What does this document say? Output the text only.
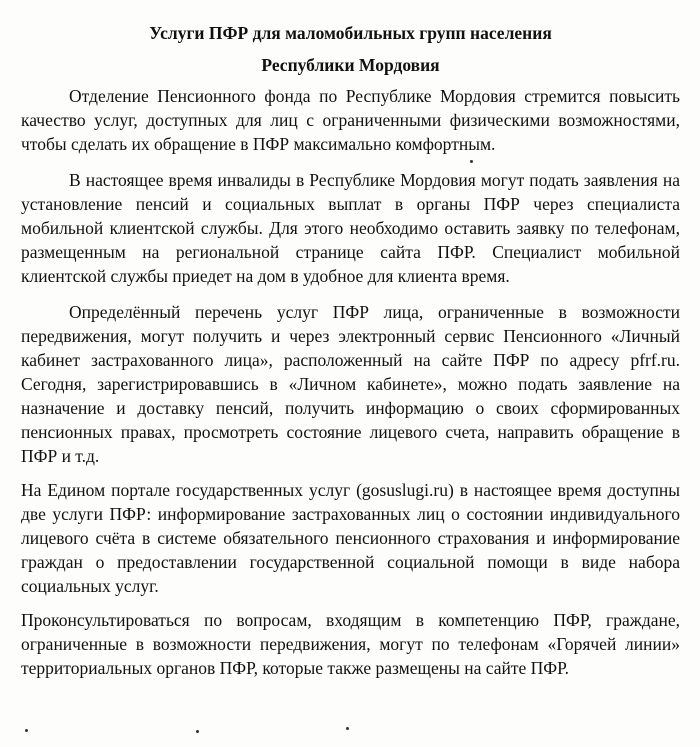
Услуги ПФР для маломобильных групп населения
Республики Мордовия

Отделение Пенсионного фонда по Республике Мордовия стремится повысить качество услуг, доступных для лиц с ограниченными физическими возможностями, чтобы сделать их обращение в ПФР максимально комфортным.

В настоящее время инвалиды в Республике Мордовия могут подать заявления на установление пенсий и социальных выплат в органы ПФР через специалиста мобильной клиентской службы. Для этого необходимо оставить заявку по телефонам, размещенным на региональной странице сайта ПФР. Специалист мобильной клиентской службы приедет на дом в удобное для клиента время.

Определённый перечень услуг ПФР лица, ограниченные в возможности передвижения, могут получить и через электронный сервис Пенсионного «Личный кабинет застрахованного лица», расположенный на сайте ПФР по адресу pfrf.ru. Сегодня, зарегистрировавшись в «Личном кабинете», можно подать заявление на назначение и доставку пенсий, получить информацию о своих сформированных пенсионных правах, просмотреть состояние лицевого счета, направить обращение в ПФР и т.д.

На Едином портале государственных услуг (gosuslugi.ru) в настоящее время доступны две услуги ПФР: информирование застрахованных лиц о состоянии индивидуального лицевого счёта в системе обязательного пенсионного страхования и информирование граждан о предоставлении государственной социальной помощи в виде набора социальных услуг.

Проконсультироваться по вопросам, входящим в компетенцию ПФР, граждане, ограниченные в возможности передвижения, могут по телефонам «Горячей линии» территориальных органов ПФР, которые также размещены на сайте ПФР.
